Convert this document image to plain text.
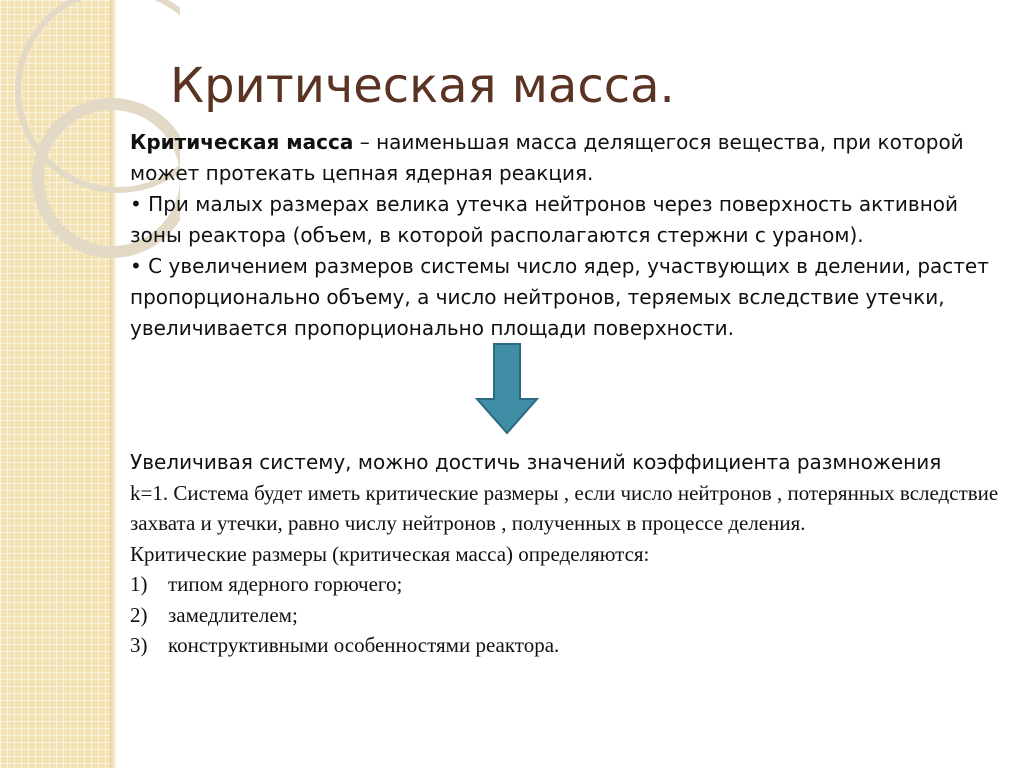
Критическая масса.

Критическая масса – наименьшая масса делящегося вещества, при которой может протекать цепная ядерная реакция.

• При малых размерах велика утечка нейтронов через поверхность активной зоны реактора (объем, в которой располагаются стержни с ураном).

• С увеличением размеров системы число ядер, участвующих в делении, растет пропорционально объему, а число нейтронов, теряемых вследствие утечки, увеличивается пропорционально площади поверхности.

Увеличивая систему, можно достичь значений коэффициента размножения
k=1. Система будет иметь критические размеры , если число нейтронов , потерянных вследствие захвата и утечки, равно числу нейтронов , полученных в процессе деления.

Критические размеры (критическая масса) определяются:

1) типом ядерного горючего;
2) замедлителем;
3) конструктивными особенностями реактора.
